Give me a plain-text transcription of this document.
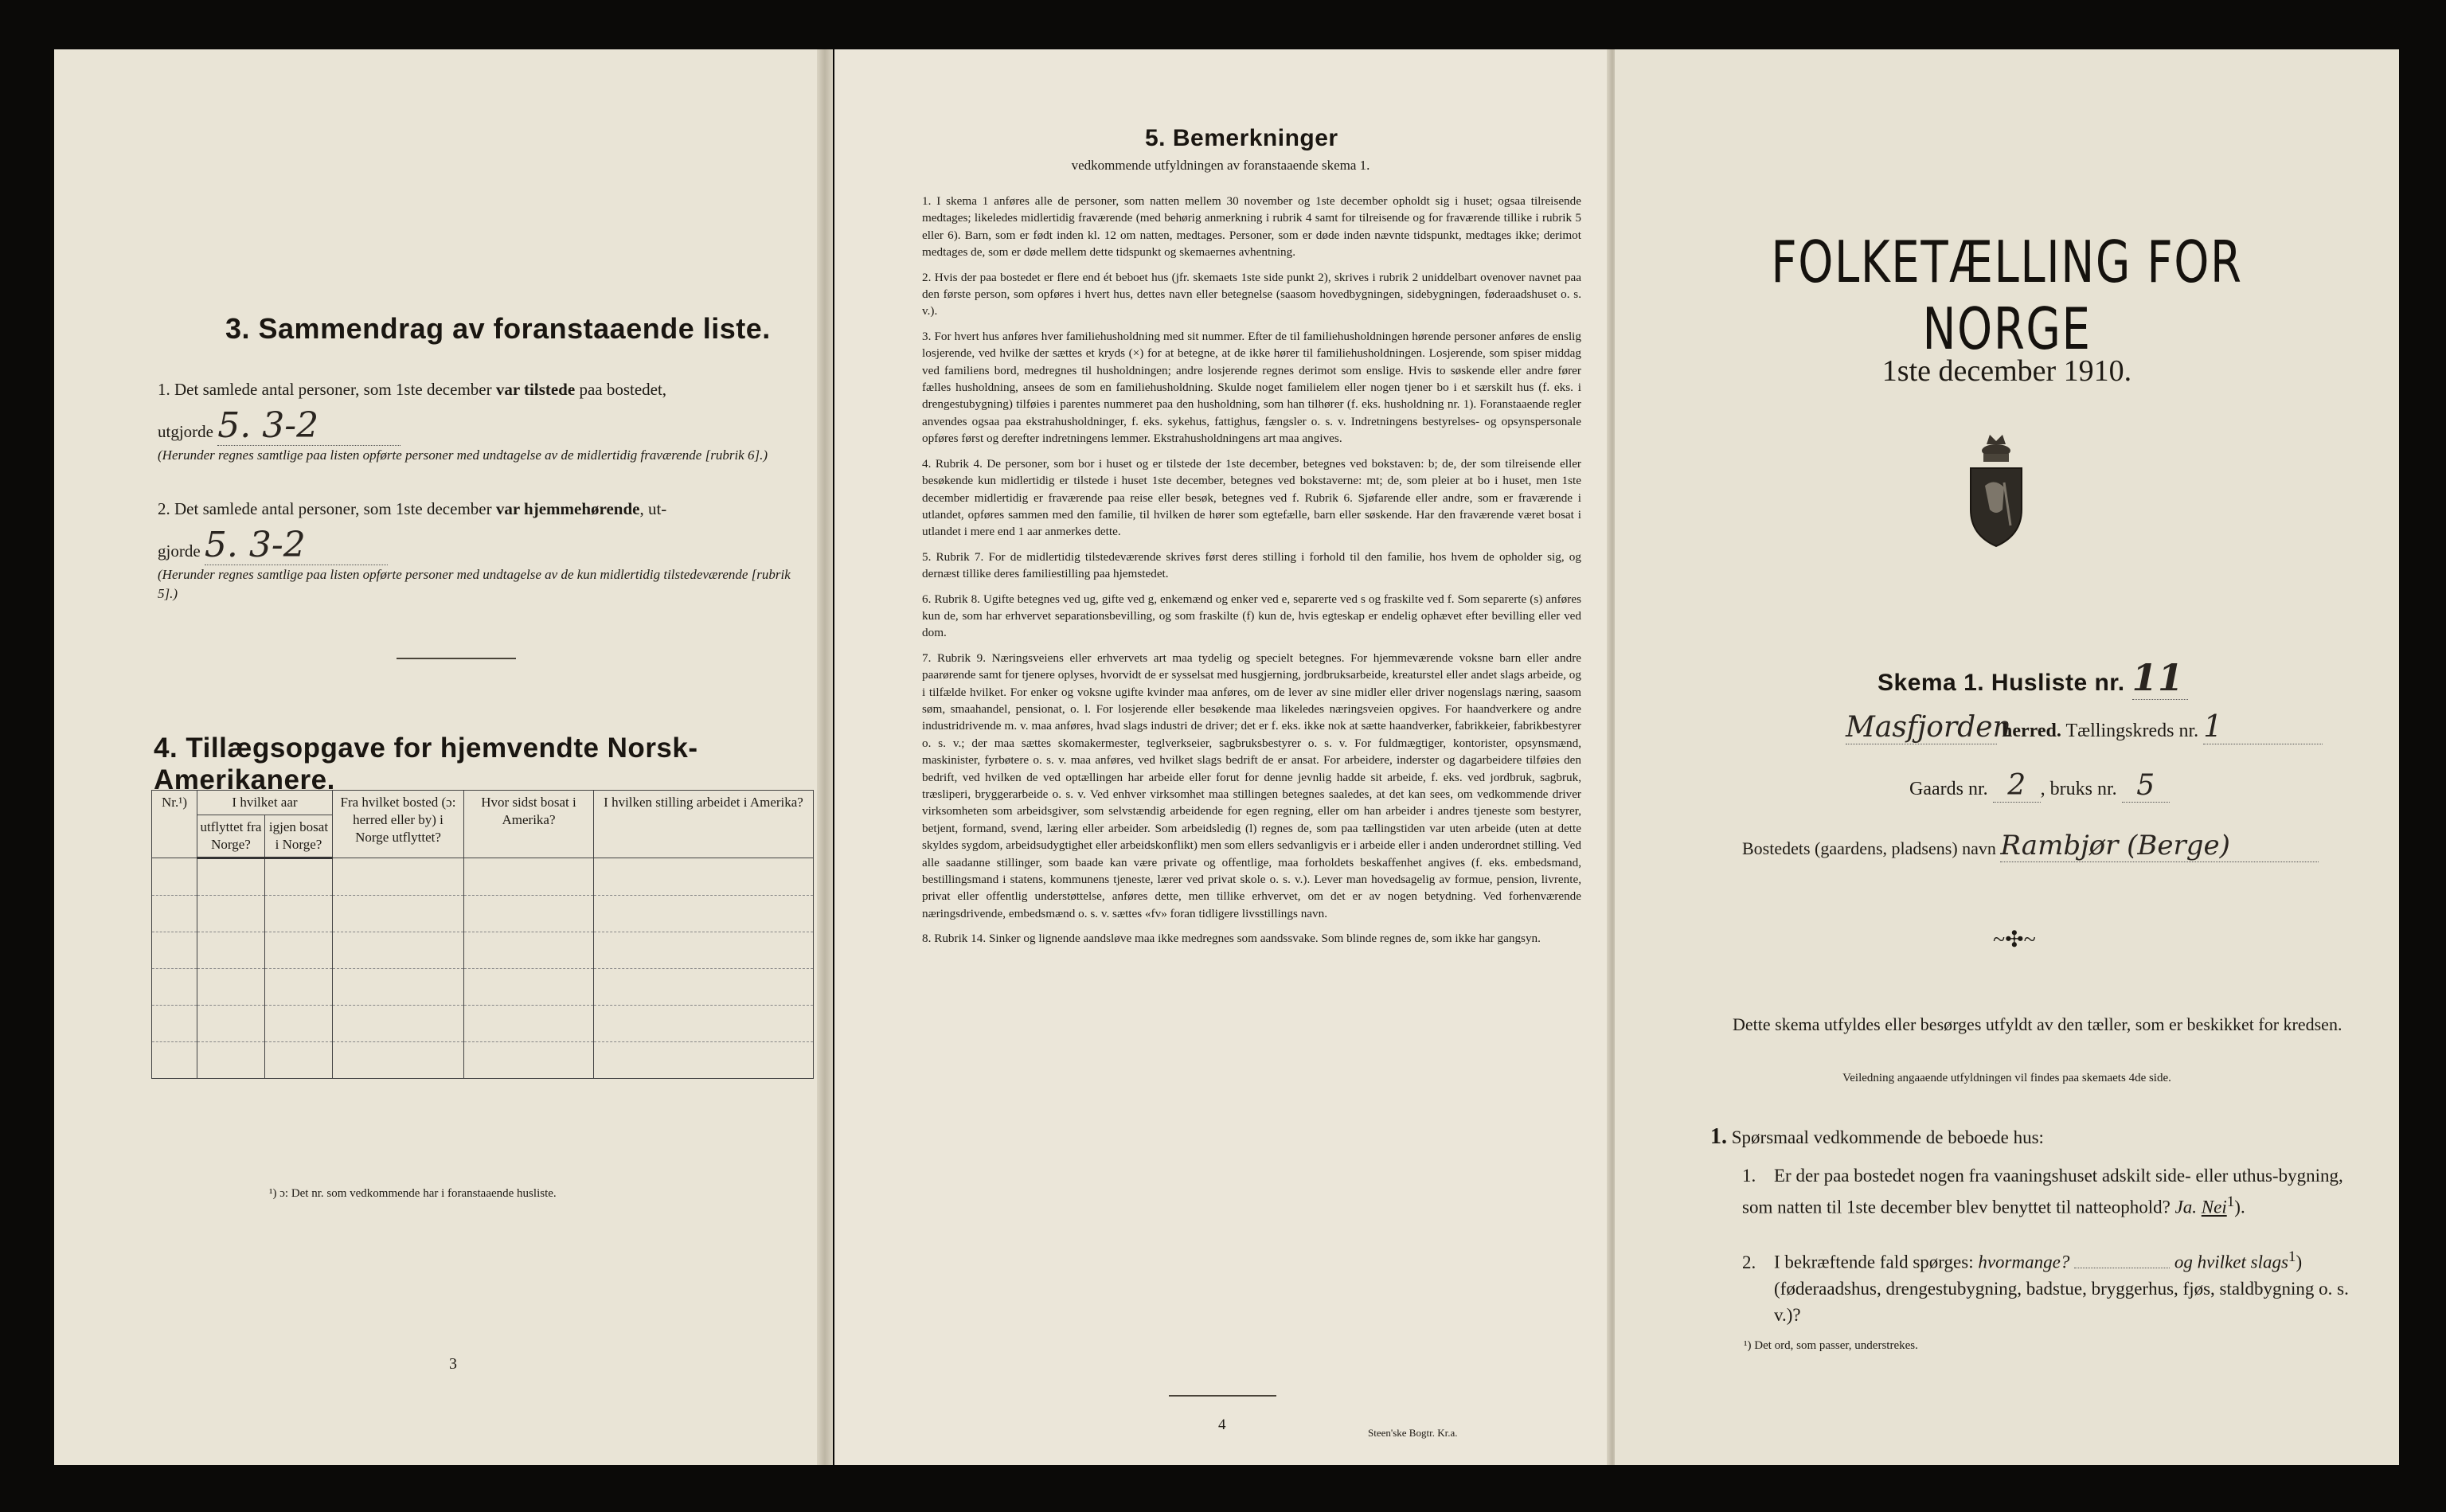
3. Sammendrag av foranstaaende liste.
1. Det samlede antal personer, som 1ste december var tilstede paa bostedet,
utgjorde 5. 3-2
(Herunder regnes samtlige paa listen opførte personer med undtagelse av de midlertidig fraværende [rubrik 6].)
2. Det samlede antal personer, som 1ste december var hjemmehørende, ut-
gjorde 5. 3-2
(Herunder regnes samtlige paa listen opførte personer med undtagelse av de kun midlertidig tilstedeværende [rubrik 5].)
4. Tillægsopgave for hjemvendte Norsk-Amerikanere.
Nr.¹)	I hvilket aar		Fra hvilket bosted (ɔ: herred eller by) i Norge utflyttet?	Hvor sidst bosat i Amerika?	I hvilken stilling arbeidet i Amerika?
	utflyttet fra Norge?	igjen bosat i Norge?			

¹) ɔ: Det nr. som vedkommende har i foranstaaende husliste.
3
5. Bemerkninger
vedkommende utfyldningen av foranstaaende skema 1.

1. I skema 1 anføres alle de personer, som natten mellem 30 november og 1ste december opholdt sig i huset; ogsaa tilreisende medtages; likeledes midlertidig fraværende (med behørig anmerkning i rubrik 4 samt for tilreisende og for fraværende tillike i rubrik 5 eller 6). Barn, som er født inden kl. 12 om natten, medtages. Personer, som er døde inden nævnte tidspunkt, medtages ikke; derimot medtages de, som er døde mellem dette tidspunkt og skemaernes avhentning.

2. Hvis der paa bostedet er flere end ét beboet hus (jfr. skemaets 1ste side punkt 2), skrives i rubrik 2 uniddelbart ovenover navnet paa den første person, som opføres i hvert hus, dettes navn eller betegnelse (saasom hovedbygningen, sidebygningen, føderaadshuset o. s. v.).

3. For hvert hus anføres hver familiehusholdning med sit nummer. Efter de til familiehusholdningen hørende personer anføres de enslig losjerende, ved hvilke der sættes et kryds (×) for at betegne, at de ikke hører til familiehusholdningen. Losjerende, som spiser middag ved familiens bord, medregnes til husholdningen; andre losjerende regnes derimot som enslige. Hvis to søskende eller andre fører fælles husholdning, ansees de som en familiehusholdning. Skulde noget familielem eller nogen tjener bo i et særskilt hus (f. eks. i drengestubygning) tilføies i parentes nummeret paa den husholdning, som han tilhører (f. eks. husholdning nr. 1). Foranstaaende regler anvendes ogsaa paa ekstrahusholdninger, f. eks. sykehus, fattighus, fængsler o. s. v. Indretningens bestyrelses- og opsynspersonale opføres først og derefter indretningens lemmer. Ekstrahusholdningens art maa angives.

4. Rubrik 4. De personer, som bor i huset og er tilstede der 1ste december, betegnes ved bokstaven: b; de, der som tilreisende eller besøkende kun midlertidig er tilstede i huset 1ste december, betegnes ved bokstaverne: mt; de, som pleier at bo i huset, men 1ste december midlertidig er fraværende paa reise eller besøk, betegnes ved f. Rubrik 6. Sjøfarende eller andre, som er fraværende i utlandet, opføres sammen med den familie, til hvilken de hører som egtefælle, barn eller søskende. Har den fraværende været bosat i utlandet i mere end 1 aar anmerkes dette.

5. Rubrik 7. For de midlertidig tilstedeværende skrives først deres stilling i forhold til den familie, hos hvem de opholder sig, og dernæst tillike deres familiestilling paa hjemstedet.

6. Rubrik 8. Ugifte betegnes ved ug, gifte ved g, enkemænd og enker ved e, separerte ved s og fraskilte ved f. Som separerte (s) anføres kun de, som har erhvervet separationsbevilling, og som fraskilte (f) kun de, hvis egteskap er endelig ophævet efter bevilling eller ved dom.

7. Rubrik 9. Næringsveiens eller erhvervets art maa tydelig og specielt betegnes. For hjemmeværende voksne barn eller andre paarørende samt for tjenere oplyses, hvorvidt de er sysselsat med husgjerning, jordbruksarbeide, kreaturstel eller andet slags arbeide, og i tilfælde hvilket. For enker og voksne ugifte kvinder maa anføres, om de lever av sine midler eller driver nogenslags næring, saasom søm, smaahandel, pensionat, o. l. For losjerende eller besøkende maa likeledes næringsveien opgives. For haandverkere og andre industridrivende m. v. maa anføres, hvad slags industri de driver; det er f. eks. ikke nok at sætte haandverker, fabrikkeier, fabrikbestyrer o. s. v.; der maa sættes skomakermester, teglverkseier, sagbruksbestyrer o. s. v. For fuldmægtiger, kontorister, opsynsmænd, maskinister, fyrbøtere o. s. v. maa anføres, ved hvilket slags bedrift de er ansat. For arbeidere, inderster og dagarbeidere tilføies den bedrift, ved hvilken de ved optællingen har arbeide eller forut for denne jevnlig hadde sit arbeide, f. eks. ved jordbruk, sagbruk, træsliperi, bryggerarbeide o. s. v. Ved enhver virksomhet maa stillingen betegnes saaledes, at det kan sees, om vedkommende driver virksomheten som arbeidsgiver, som selvstændig arbeidende for egen regning, eller om han arbeider i andres tjeneste som bestyrer, betjent, formand, svend, læring eller arbeider. Som arbeidsledig (l) regnes de, som paa tællingstiden var uten arbeide (uten at dette skyldes sygdom, arbeidsudygtighet eller arbeidskonflikt) men som ellers sedvanligvis er i arbeide eller i anden underordnet stilling. Ved alle saadanne stillinger, som baade kan være private og offentlige, maa forholdets beskaffenhet angives (f. eks. embedsmand, bestillingsmand i statens, kommunens tjeneste, lærer ved privat skole o. s. v.). Lever man hovedsagelig av formue, pension, livrente, privat eller offentlig understøttelse, anføres dette, men tillike erhvervet, om det er av nogen betydning. Ved forhenværende næringsdrivende, embedsmænd o. s. v. sættes «fv» foran tidligere livsstillings navn.

8. Rubrik 14. Sinker og lignende aandsløve maa ikke medregnes som aandssvake. Som blinde regnes de, som ikke har gangsyn.

4	Steen'ske Bogtr. Kr.a.
FOLKETÆLLING FOR NORGE
1ste december 1910.
Skema 1. Husliste nr. 11
Masfjorden herred. Tællingskreds nr. 1
Gaards nr. 2 , bruks nr. 5
Bostedets (gaardens, pladsens) navn Rambjør (Berge)
~✣~
Dette skema utfyldes eller besørges utfyldt av den tæller, som er beskikket for kredsen.
Veiledning angaaende utfyldningen vil findes paa skemaets 4de side.
1. Spørsmaal vedkommende de beboede hus:
1. Er der paa bostedet nogen fra vaaningshuset adskilt side- eller uthus-bygning, som natten til 1ste december blev benyttet til natteophold? Ja. Nei$^1$).
2. I bekræftende fald spørges: hvormange?	og hvilket slags$^1$)
(føderaadshus, drengestubygning, badstue, bryggerhus, fjøs, staldbygning o. s. v.)?
¹) Det ord, som passer, understrekes.
